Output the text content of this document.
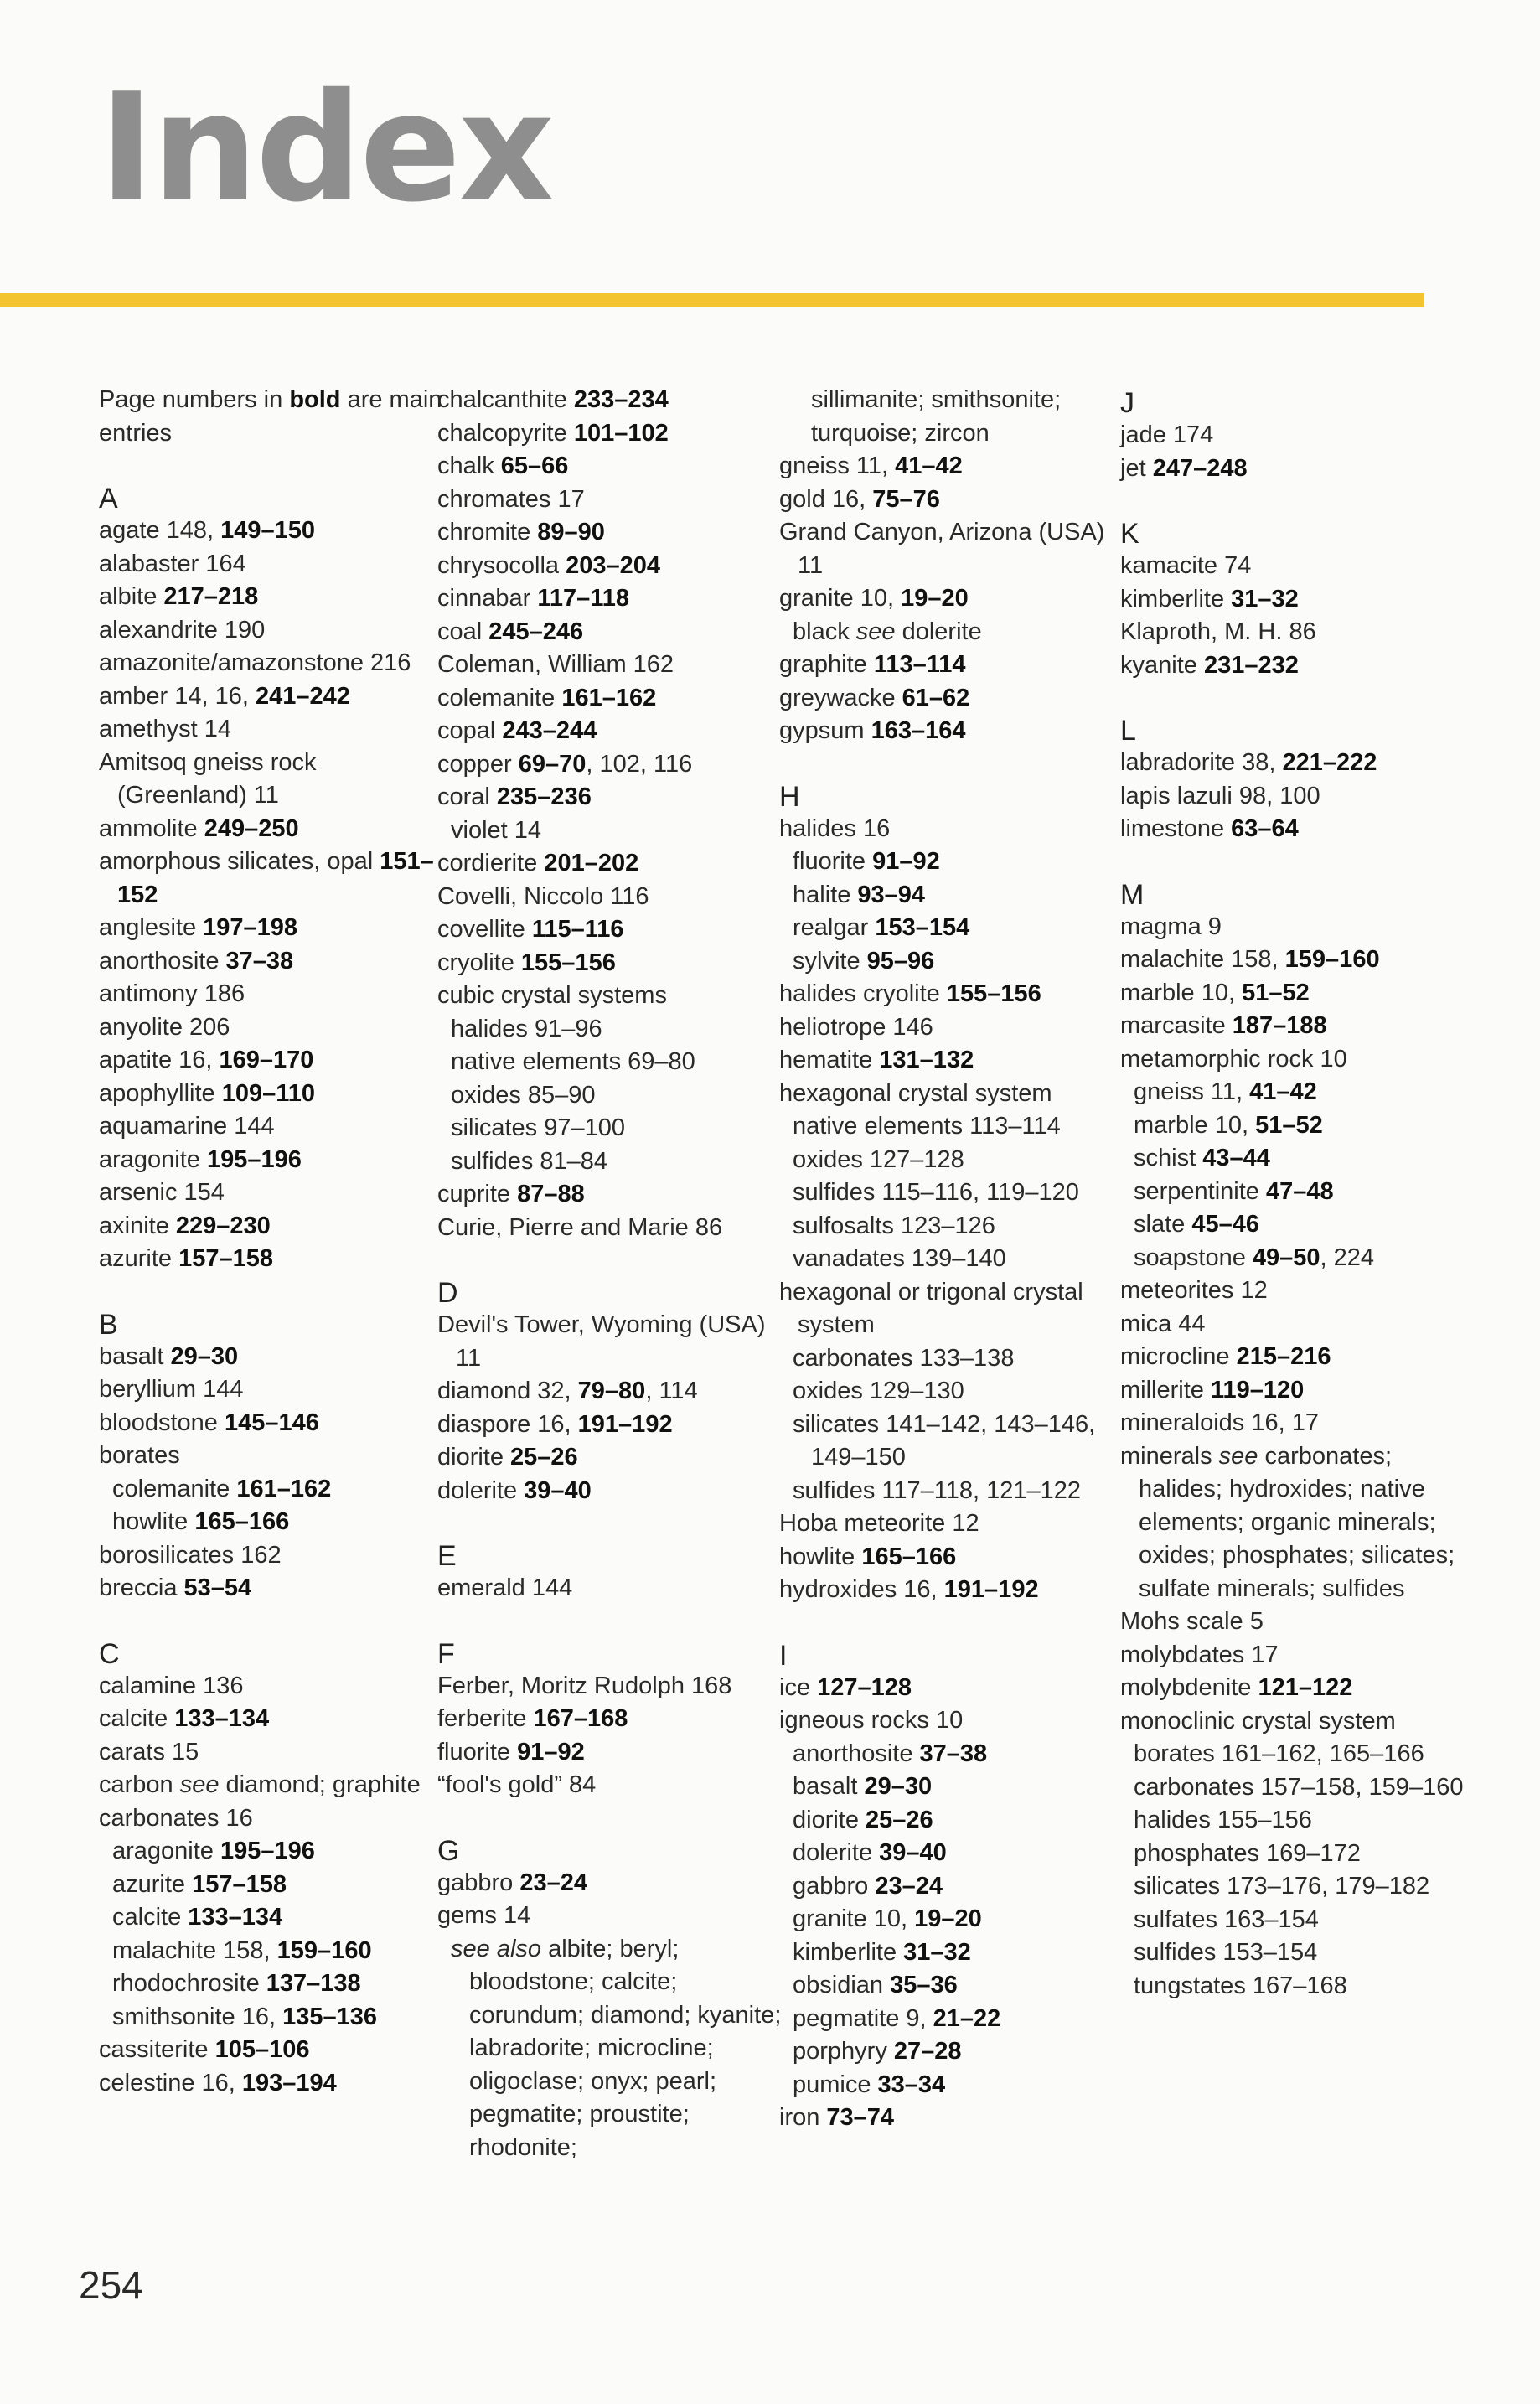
Index
Page numbers in bold are main entries
A
agate 148, 149–150
alabaster 164
albite 217–218
alexandrite 190
amazonite/amazonstone 216
amber 14, 16, 241–242
amethyst 14
Amitsoq gneiss rock (Greenland) 11
ammolite 249–250
amorphous silicates, opal 151–152
anglesite 197–198
anorthosite 37–38
antimony 186
anyolite 206
apatite 16, 169–170
apophyllite 109–110
aquamarine 144
aragonite 195–196
arsenic 154
axinite 229–230
azurite 157–158
B
basalt 29–30
beryllium 144
bloodstone 145–146
borates
colemanite 161–162
howlite 165–166
borosilicates 162
breccia 53–54
C
calamine 136
calcite 133–134
carats 15
carbon see diamond; graphite
carbonates 16
aragonite 195–196
azurite 157–158
calcite 133–134
malachite 158, 159–160
rhodochrosite 137–138
smithsonite 16, 135–136
cassiterite 105–106
celestine 16, 193–194
chalcanthite 233–234
chalcopyrite 101–102
chalk 65–66
chromates 17
chromite 89–90
chrysocolla 203–204
cinnabar 117–118
coal 245–246
Coleman, William 162
colemanite 161–162
copal 243–244
copper 69–70, 102, 116
coral 235–236
violet 14
cordierite 201–202
Covelli, Niccolo 116
covellite 115–116
cryolite 155–156
cubic crystal systems
halides 91–96
native elements 69–80
oxides 85–90
silicates 97–100
sulfides 81–84
cuprite 87–88
Curie, Pierre and Marie 86
D
Devil's Tower, Wyoming (USA) 11
diamond 32, 79–80, 114
diaspore 16, 191–192
diorite 25–26
dolerite 39–40
E
emerald 144
F
Ferber, Moritz Rudolph 168
ferberite 167–168
fluorite 91–92
“fool's gold” 84
G
gabbro 23–24
gems 14
see also albite; beryl; bloodstone; calcite; corundum; diamond; kyanite; labradorite; microcline; oligoclase; onyx; pearl; pegmatite; proustite; rhodonite;
sillimanite; smithsonite; turquoise; zircon
gneiss 11, 41–42
gold 16, 75–76
Grand Canyon, Arizona (USA) 11
granite 10, 19–20
black see dolerite
graphite 113–114
greywacke 61–62
gypsum 163–164
H
halides 16
fluorite 91–92
halite 93–94
realgar 153–154
sylvite 95–96
halides cryolite 155–156
heliotrope 146
hematite 131–132
hexagonal crystal system
native elements 113–114
oxides 127–128
sulfides 115–116, 119–120
sulfosalts 123–126
vanadates 139–140
hexagonal or trigonal crystal system
carbonates 133–138
oxides 129–130
silicates 141–142, 143–146, 149–150
sulfides 117–118, 121–122
Hoba meteorite 12
howlite 165–166
hydroxides 16, 191–192
I
ice 127–128
igneous rocks 10
anorthosite 37–38
basalt 29–30
diorite 25–26
dolerite 39–40
gabbro 23–24
granite 10, 19–20
kimberlite 31–32
obsidian 35–36
pegmatite 9, 21–22
porphyry 27–28
pumice 33–34
iron 73–74
J
jade 174
jet 247–248
K
kamacite 74
kimberlite 31–32
Klaproth, M. H. 86
kyanite 231–232
L
labradorite 38, 221–222
lapis lazuli 98, 100
limestone 63–64
M
magma 9
malachite 158, 159–160
marble 10, 51–52
marcasite 187–188
metamorphic rock 10
gneiss 11, 41–42
marble 10, 51–52
schist 43–44
serpentinite 47–48
slate 45–46
soapstone 49–50, 224
meteorites 12
mica 44
microcline 215–216
millerite 119–120
mineraloids 16, 17
minerals see carbonates; halides; hydroxides; native elements; organic minerals; oxides; phosphates; silicates; sulfate minerals; sulfides
Mohs scale 5
molybdates 17
molybdenite 121–122
monoclinic crystal system
borates 161–162, 165–166
carbonates 157–158, 159–160
halides 155–156
phosphates 169–172
silicates 173–176, 179–182
sulfates 163–154
sulfides 153–154
tungstates 167–168
254
